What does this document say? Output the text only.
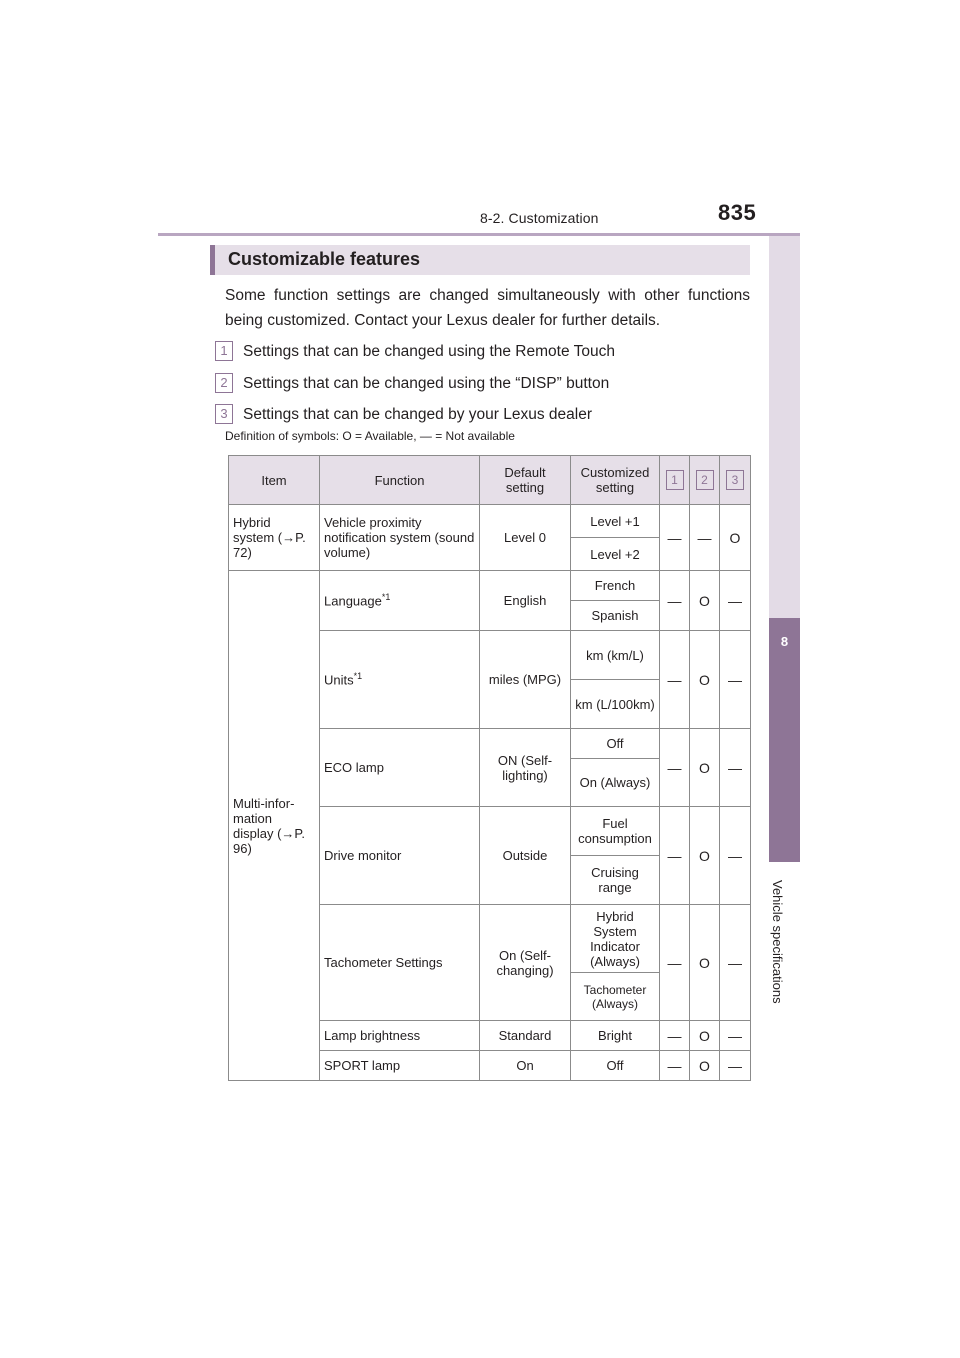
8-2. Customization	835
8
Vehicle specifications
Customizable features
Some function settings are changed simultaneously with other functions being customized. Contact your Lexus dealer for further details.
1 Settings that can be changed using the Remote Touch
2 Settings that can be changed using the “DISP” button
3 Settings that can be changed by your Lexus dealer
Definition of symbols: O = Available, — = Not available
Item	Function	Default setting	Customized setting	1	2	3
Hybrid system (→P. 72)	Vehicle proximity notification system (sound volume)	Level 0	Level +1	—	—	O
			Level +2			
Multi-infor-mation display (→P. 96)	Language$^{*1}$	English	French	—	O	—
			Spanish			
	Units$^{*1}$	miles (MPG)	km (km/L)	—	O	—
			km (L/100km)			
	ECO lamp	ON (Self-lighting)	Off	—	O	—
			On (Always)			
	Drive monitor	Outside	Fuel consumption	—	O	—
			Cruising range			
	Tachometer Settings	On (Self-changing)	Hybrid System Indicator (Always)	—	O	—
			Tachometer (Always)			
	Lamp brightness	Standard	Bright	—	O	—
	SPORT lamp	On	Off	—	O	—
